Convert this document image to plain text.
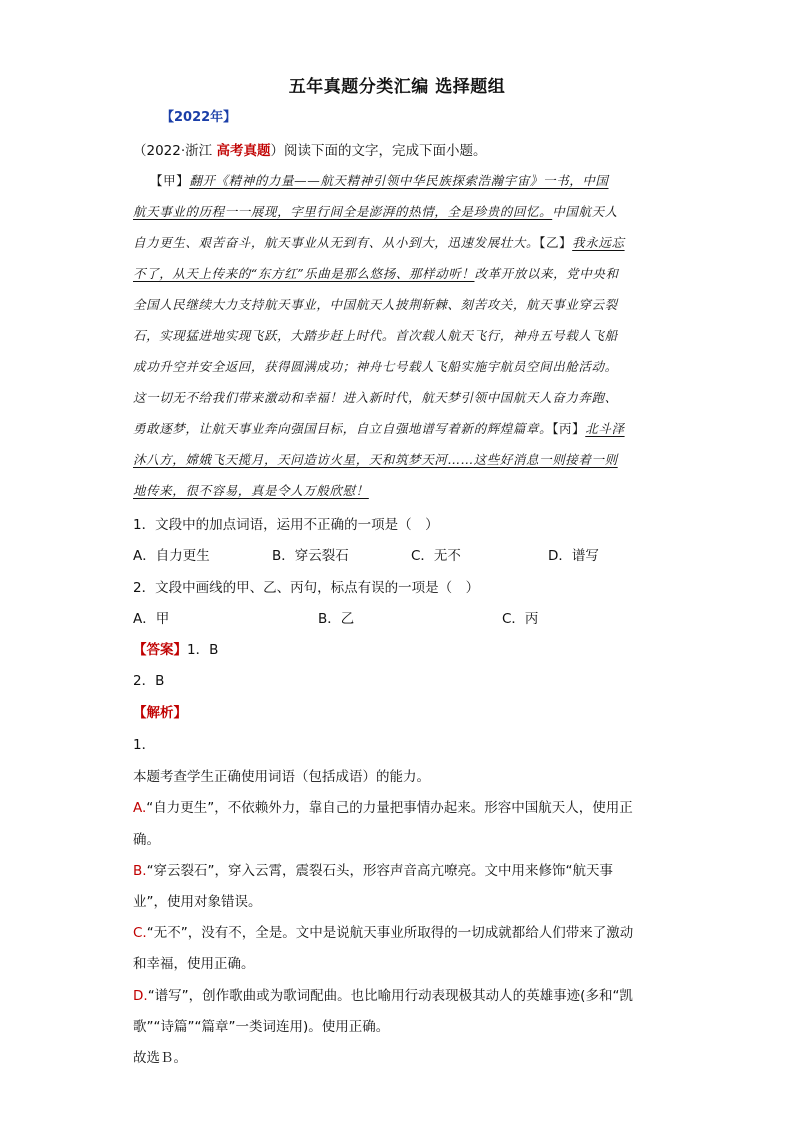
五年真题分类汇编 选择题组
【2022年】
（2022·浙江 高考真题）阅读下面的文字，完成下面小题。
【甲】翻开《精神的力量——航天精神引领中华民族探索浩瀚宇宙》一书，中国
航天事业的历程一一展现，字里行间全是澎湃的热情，全是珍贵的回忆。中国航天人
自力更生、艰苦奋斗，航天事业从无到有、从小到大，迅速发展壮大。【乙】我永远忘
不了，从天上传来的“东方红”乐曲是那么悠扬、那样动听！改革开放以来，党中央和
全国人民继续大力支持航天事业，中国航天人披荆斩棘、刻苦攻关，航天事业穿云裂
石，实现猛进地实现飞跃，大踏步赶上时代。首次载人航天飞行，神舟五号载人飞船
成功升空并安全返回，获得圆满成功；神舟七号载人飞船实施宇航员空间出舱活动。
这一切无不给我们带来激动和幸福！进入新时代，航天梦引领中国航天人奋力奔跑、
勇敢逐梦，让航天事业奔向强国目标，自立自强地谱写着新的辉煌篇章。【丙】北斗泽
沐八方，嫦娥飞天揽月，天问造访火星，天和筑梦天河……这些好消息一则接着一则
地传来，很不容易，真是令人万般欣慰！
1．文段中的加点词语，运用不正确的一项是（　）
A．自力更生	B．穿云裂石	C．无不	D．谱写
2．文段中画线的甲、乙、丙句，标点有误的一项是（　）
A．甲	B．乙	C．丙
【答案】1．B
2．B
【解析】
1．
本题考查学生正确使用词语（包括成语）的能力。
A.“自力更生”，不依赖外力，靠自己的力量把事情办起来。形容中国航天人，使用正
确。
B.“穿云裂石”，穿入云霄，震裂石头，形容声音高亢嘹亮。文中用来修饰“航天事
业”，使用对象错误。
C.“无不”，没有不，全是。文中是说航天事业所取得的一切成就都给人们带来了激动
和幸福，使用正确。
D.“谱写”，创作歌曲或为歌词配曲。也比喻用行动表现极其动人的英雄事迹(多和“凯
歌”“诗篇”“篇章”一类词连用)。使用正确。
故选Ｂ。
